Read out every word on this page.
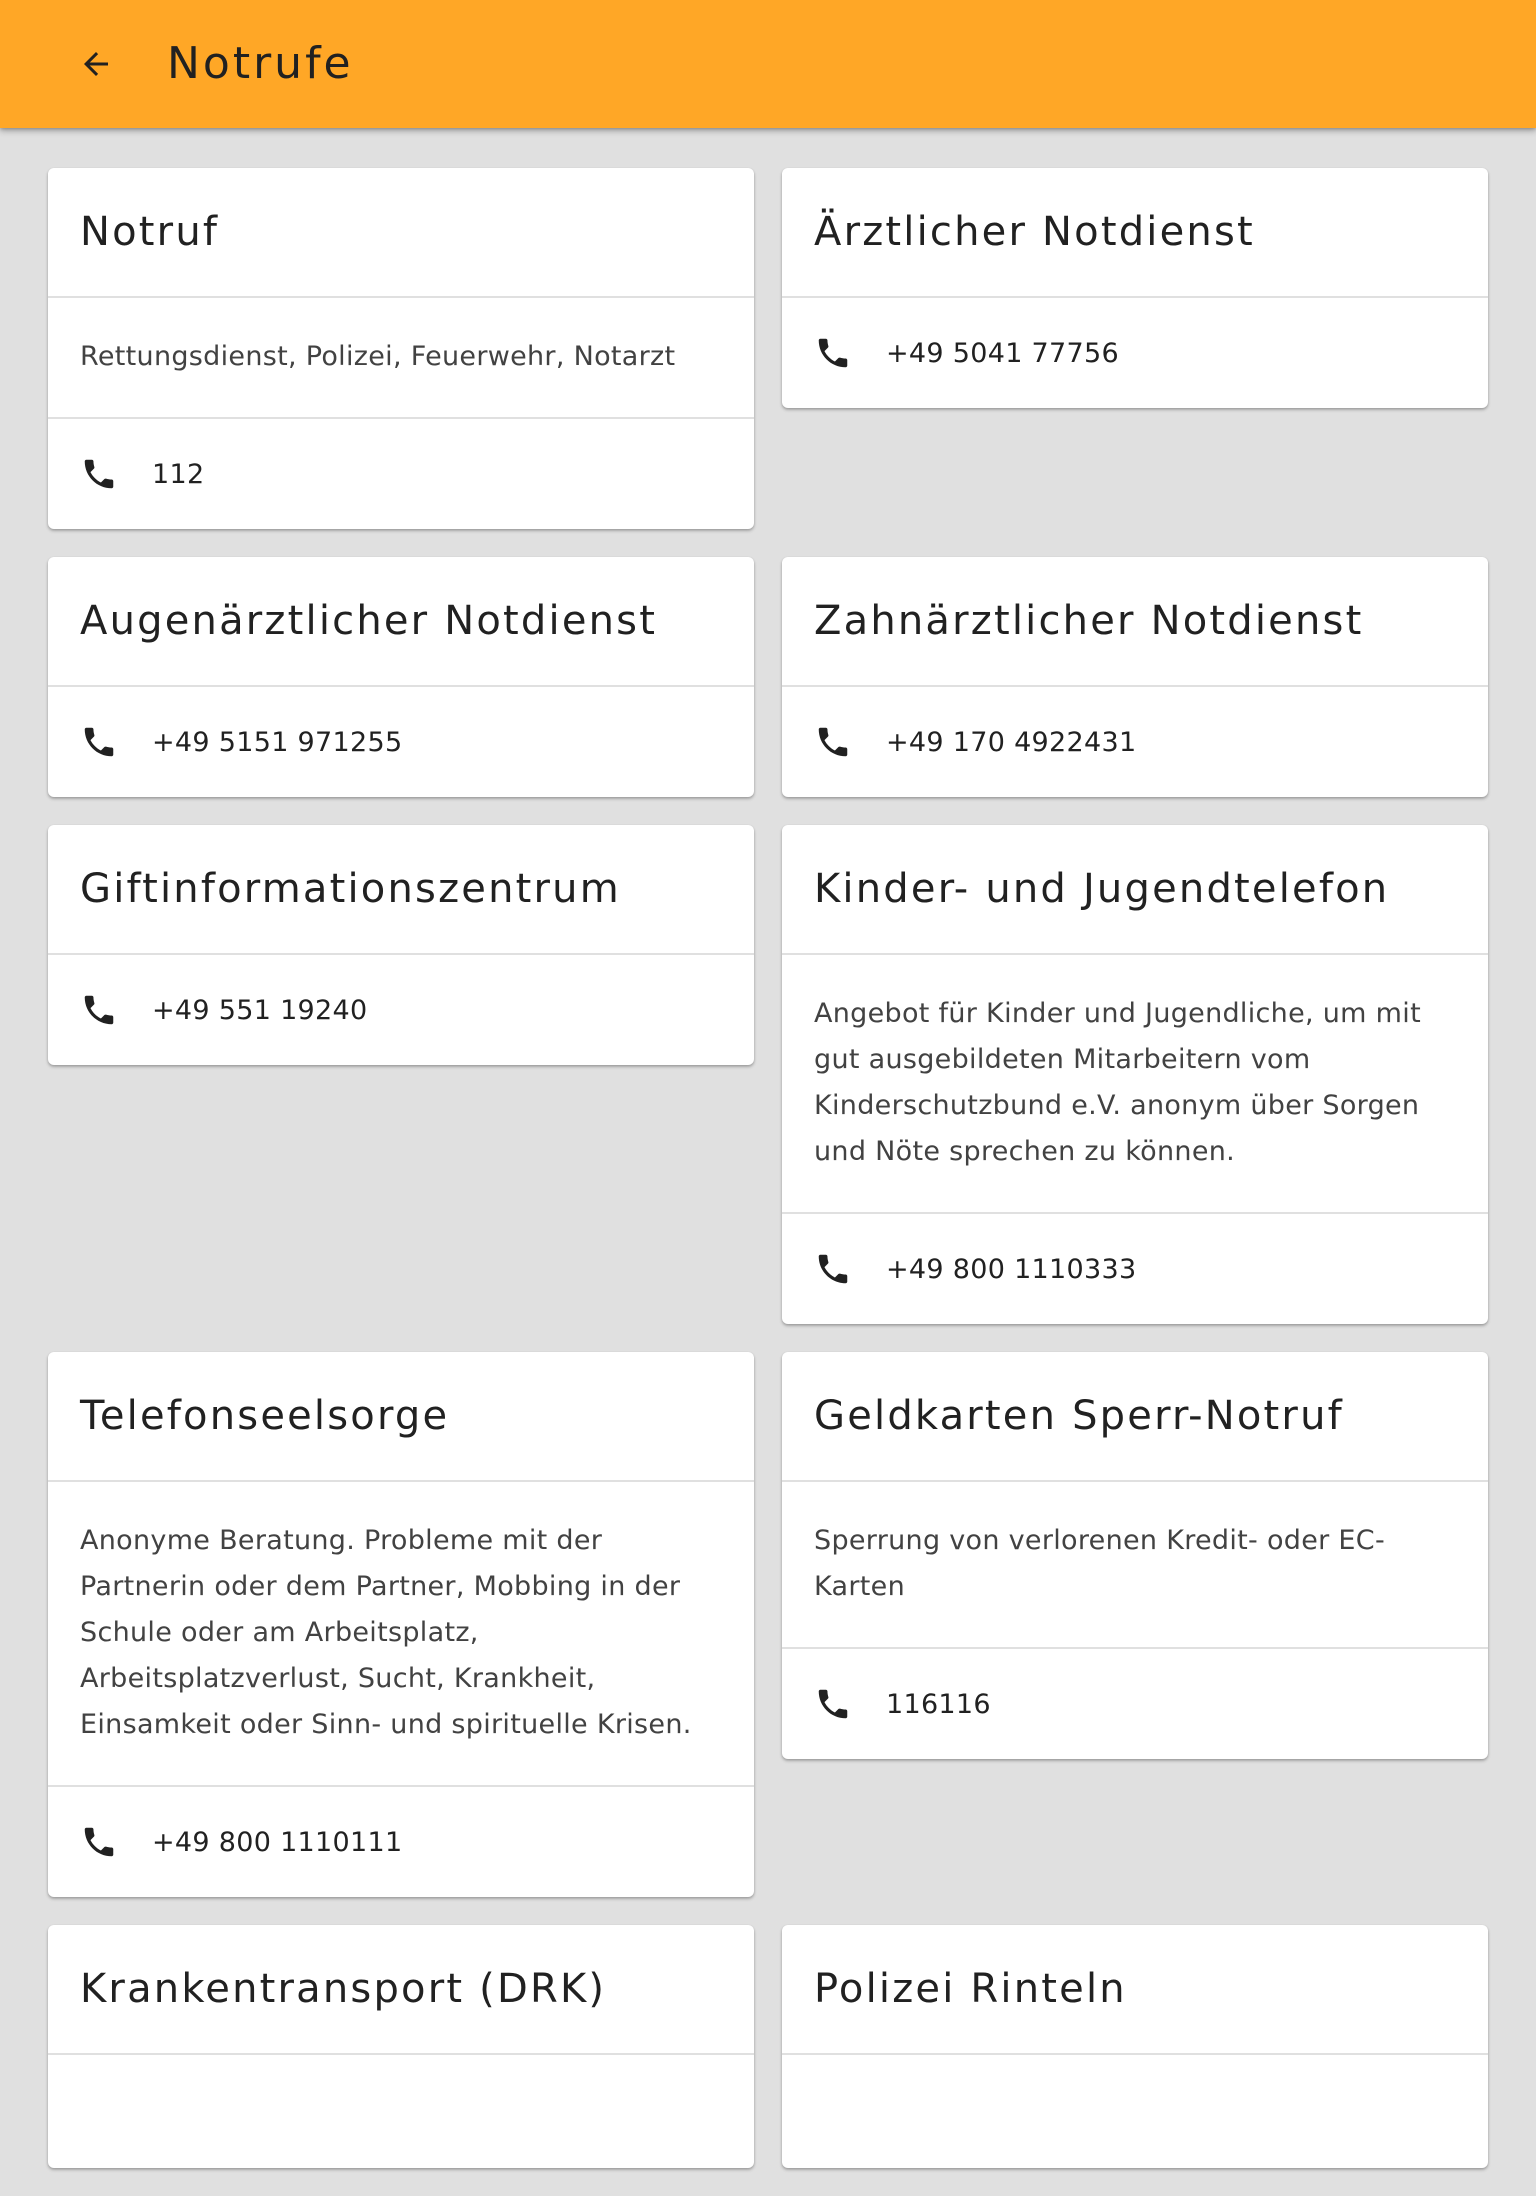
Notrufe
Notruf
Rettungsdienst, Polizei, Feuerwehr, Notarzt
112
Ärztlicher Notdienst
+49 5041 77756
Augenärztlicher Notdienst
+49 5151 971255
Zahnärztlicher Notdienst
+49 170 4922431
Giftinformationszentrum
+49 551 19240
Kinder- und Jugendtelefon
Angebot für Kinder und Jugendliche, um mit gut ausgebildeten Mitarbeitern vom Kinderschutzbund e.V. anonym über Sorgen und Nöte sprechen zu können.
+49 800 1110333
Telefonseelsorge
Anonyme Beratung. Probleme mit der Partnerin oder dem Partner, Mobbing in der Schule oder am Arbeitsplatz, Arbeitsplatzverlust, Sucht, Krankheit, Einsamkeit oder Sinn- und spirituelle Krisen.
+49 800 1110111
Geldkarten Sperr-Notruf
Sperrung von verlorenen Kredit- oder EC-Karten
116116
Krankentransport (DRK)	Polizei Rinteln
